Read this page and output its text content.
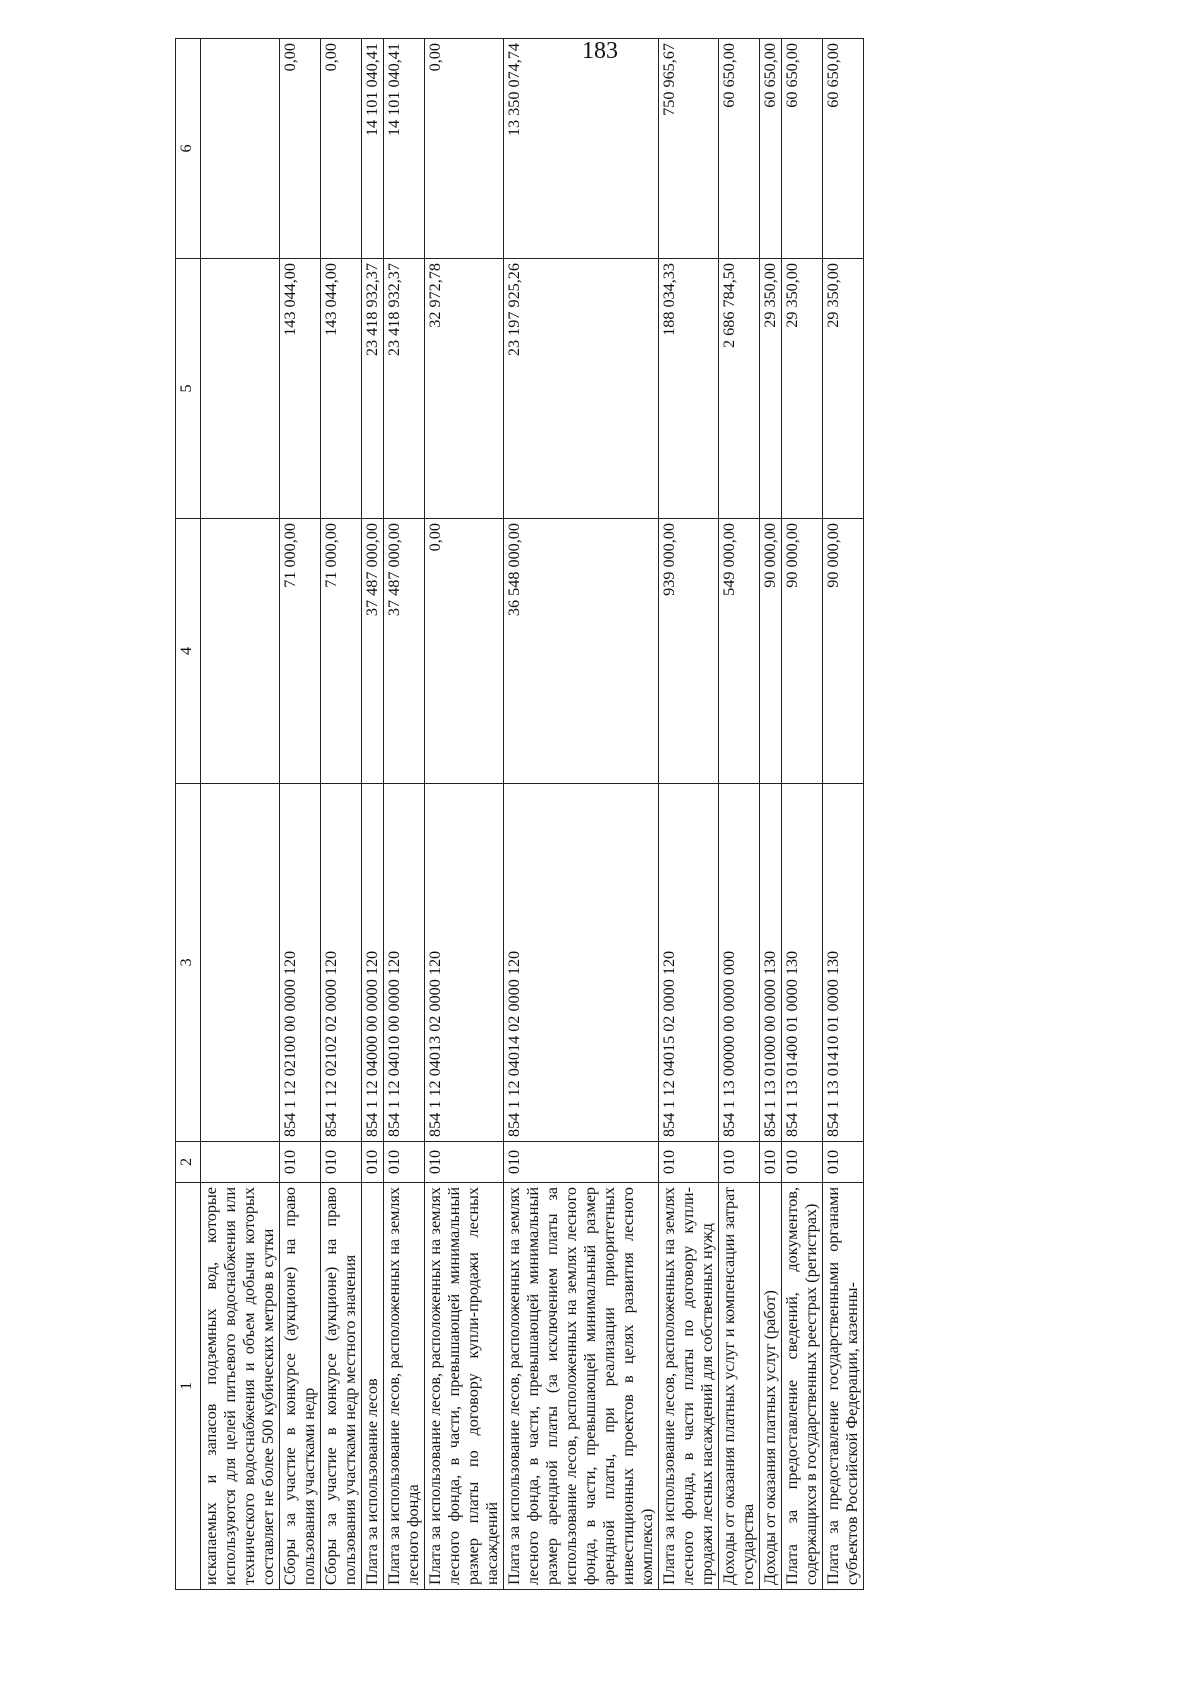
183
1	2	3	4	5	6
искапаемых и запасов подземных вод, которые используются для целей питьевого водоснабжения или технического водоснабжения и объем добычи которых составляет не более 500 кубических метров в сутки					
Сборы за участие в конкурсе (аукционе) на право пользования участками недр	010	854 1 12 02100 00 0000 120	71 000,00	143 044,00	0,00
Сборы за участие в конкурсе (аукционе) на право пользования участками недр местного значения	010	854 1 12 02102 02 0000 120	71 000,00	143 044,00	0,00
Плата за использование лесов	010	854 1 12 04000 00 0000 120	37 487 000,00	23 418 932,37	14 101 040,41
Плата за использование лесов, расположенных на землях лесного фонда	010	854 1 12 04010 00 0000 120	37 487 000,00	23 418 932,37	14 101 040,41
Плата за использование лесов, расположенных на землях лесного фонда, в части, превышающей минимальный размер платы по договору купли-продажи лесных насаждений	010	854 1 12 04013 02 0000 120	0,00	32 972,78	0,00
Плата за использование лесов, расположенных на землях лесного фонда, в части, превышающей минимальный размер арендной платы (за исключением платы за использование лесов, расположенных на землях лесного фонда, в части, превышающей минимальный размер арендной платы, при реализации приоритетных инвестиционных проектов в целях развития лесного комплекса)	010	854 1 12 04014 02 0000 120	36 548 000,00	23 197 925,26	13 350 074,74
Плата за использование лесов, расположенных на землях лесного фонда, в части платы по договору купли-продажи лесных насаждений для собственных нужд	010	854 1 12 04015 02 0000 120	939 000,00	188 034,33	750 965,67
Доходы от оказания платных услуг и компенсации затрат государства	010	854 1 13 00000 00 0000 000	549 000,00	2 686 784,50	60 650,00
Доходы от оказания платных услуг (работ)	010	854 1 13 01000 00 0000 130	90 000,00	29 350,00	60 650,00
Плата за предоставление сведений, документов, содержащихся в государственных реестрах (регистрах)	010	854 1 13 01400 01 0000 130	90 000,00	29 350,00	60 650,00
Плата за предоставление государственными органами субъектов Российской Федерации, казенны-	010	854 1 13 01410 01 0000 130	90 000,00	29 350,00	60 650,00
